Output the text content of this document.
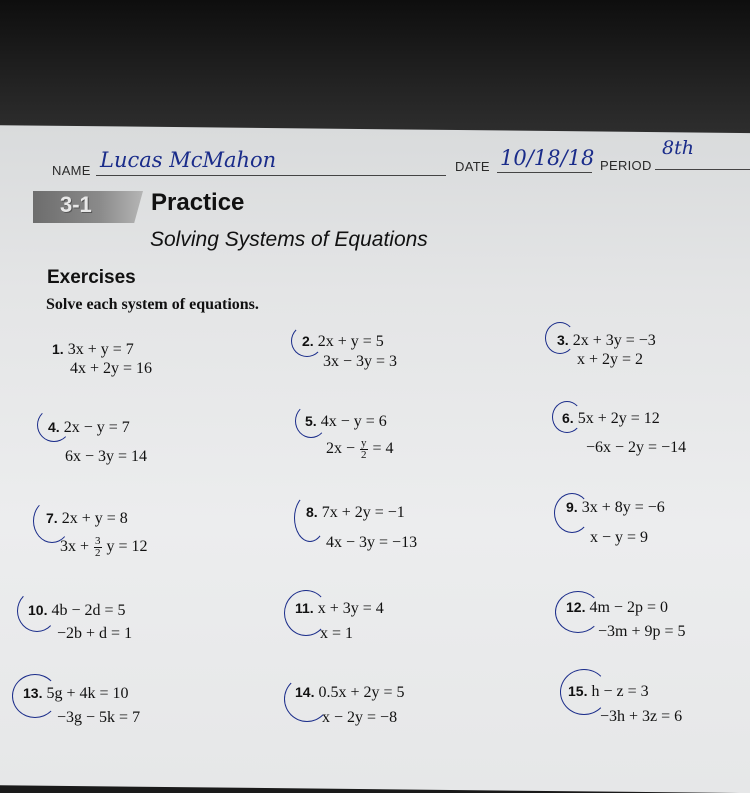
NAME Lucas McMahon	DATE 10/18/18 PERIOD
8th
3-1 Practice
Solving Systems of Equations
Exercises
Solve each system of equations.
1. 3x + y = 7
4x + 2y = 16
2. 2x + y = 5
3x − 3y = 3
3. 2x + 3y = −3
x + 2y = 2
4. 2x − y = 7
6x − 3y = 14
5. 4x − y = 6
$2x - \frac{y}{2} = 4$
6. 5x + 2y = 12
−6x − 2y = −14
7. 2x + y = 8
$3x + \frac{3}{2}$ y = 12
8. 7x + 2y = −1
4x − 3y = −13
9. 3x + 8y = −6
x − y = 9
10. 4b − 2d = 5
−2b + d = 1
11. x + 3y = 4
x = 1
12. 4m − 2p = 0
−3m + 9p = 5
13. 5g + 4k = 10
−3g − 5k = 7
14. 0.5x + 2y = 5
x − 2y = −8
15. h − z = 3
−3h + 3z = 6
